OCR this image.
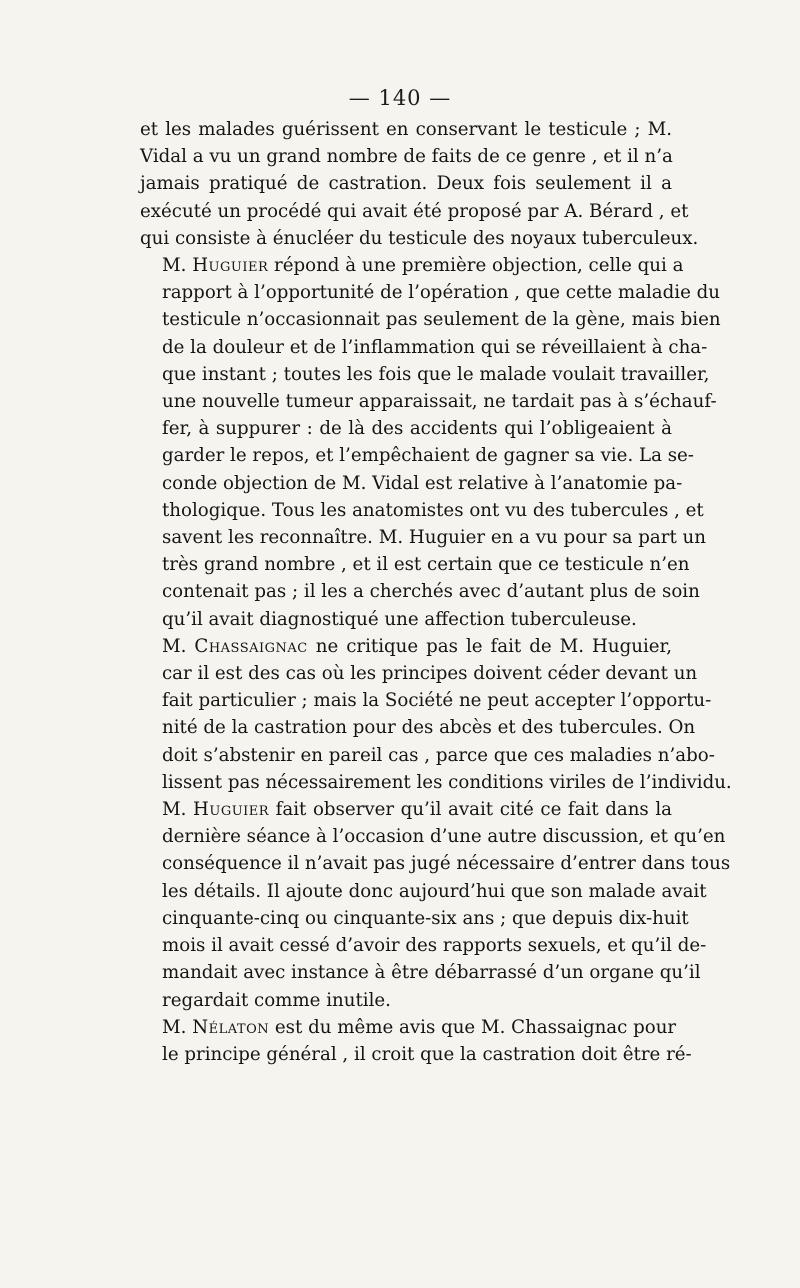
— 140 —

et les malades guérissent en conservant le testicule ; M.
Vidal a vu un grand nombre de faits de ce genre , et il n’a
jamais pratiqué de castration. Deux fois seulement il a
exécuté un procédé qui avait été proposé par A. Bérard , et
qui consiste à énucléer du testicule des noyaux tuberculeux.

M. Huguier répond à une première objection, celle qui a
rapport à l’opportunité de l’opération , que cette maladie du
testicule n’occasionnait pas seulement de la gène, mais bien
de la douleur et de l’inflammation qui se réveillaient à cha-
que instant ; toutes les fois que le malade voulait travailler,
une nouvelle tumeur apparaissait, ne tardait pas à s’échauf-
fer, à suppurer : de là des accidents qui l’obligeaient à
garder le repos, et l’empêchaient de gagner sa vie. La se-
conde objection de M. Vidal est relative à l’anatomie pa-
thologique. Tous les anatomistes ont vu des tubercules , et
savent les reconnaître. M. Huguier en a vu pour sa part un
très grand nombre , et il est certain que ce testicule n’en
contenait pas ; il les a cherchés avec d’autant plus de soin
qu’il avait diagnostiqué une affection tuberculeuse.

M. Chassaignac ne critique pas le fait de M. Huguier,
car il est des cas où les principes doivent céder devant un
fait particulier ; mais la Société ne peut accepter l’opportu-
nité de la castration pour des abcès et des tubercules. On
doit s’abstenir en pareil cas , parce que ces maladies n’abo-
lissent pas nécessairement les conditions viriles de l’individu.

M. Huguier fait observer qu’il avait cité ce fait dans la
dernière séance à l’occasion d’une autre discussion, et qu’en
conséquence il n’avait pas jugé nécessaire d’entrer dans tous
les détails. Il ajoute donc aujourd’hui que son malade avait
cinquante-cinq ou cinquante-six ans ; que depuis dix-huit
mois il avait cessé d’avoir des rapports sexuels, et qu’il de-
mandait avec instance à être débarrassé d’un organe qu’il
regardait comme inutile.

M. Nélaton est du même avis que M. Chassaignac pour
le principe général , il croit que la castration doit être ré-
